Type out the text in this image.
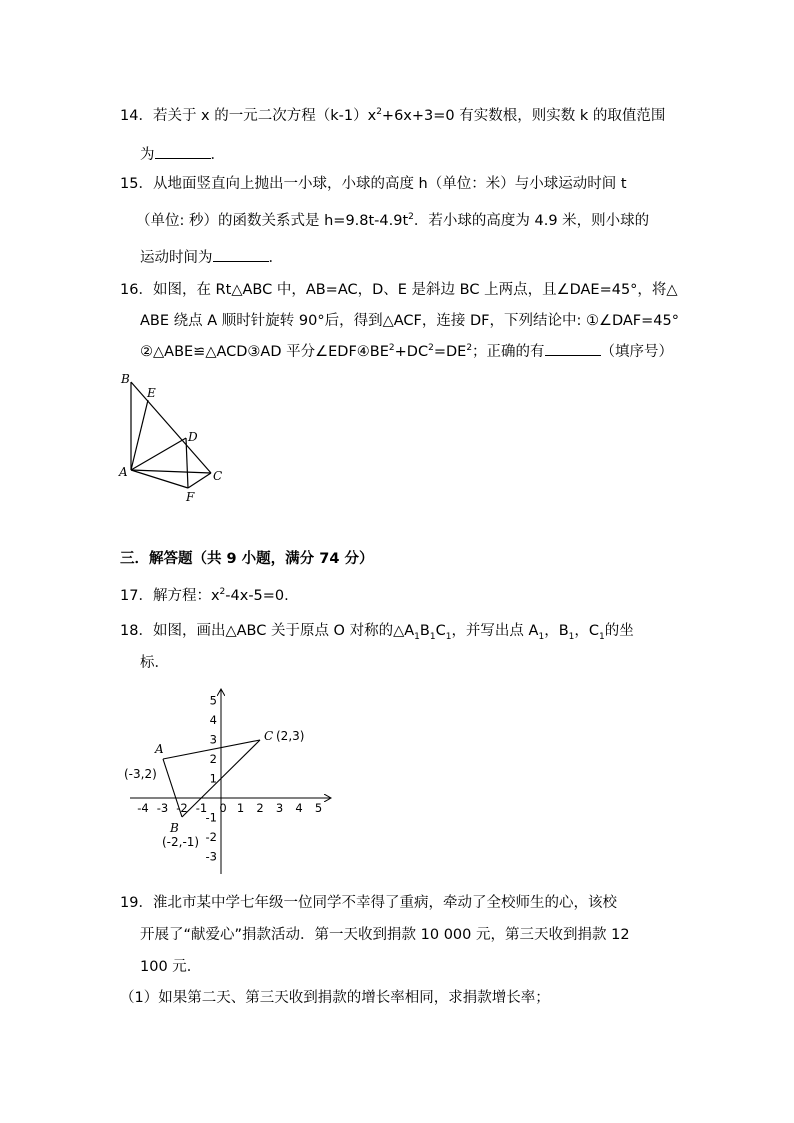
14．若关于 x 的一元二次方程$(k-1)x^2+6x+3=0$ 有实数根，则实数 k 的取值范围
为	．
15．从地面竖直向上抛出一小球，小球的高度 h（单位：米）与小球运动时间 t
（单位: 秒）的函数关系式是 $h=9.8t-4.9t^2$．若小球的高度为 4.9 米，则小球的
运动时间为	．
16．如图，在 Rt△ABC 中，AB=AC，D、E 是斜边 BC 上两点，且∠DAE=45°，将△
ABE 绕点 A 顺时针旋转 90°后，得到△ACF，连接 DF，下列结论中: ①∠DAF=45°
②△ABE≌△ACD③AD 平分$\angle EDF④BE^2+DC^2=DE^2$；正确的有	（填序号）
B
E
D
A	C
F
三．解答题（共 9 小题，满分 74 分）
17．解方程：$x^2-4x-5=0$.
18．如图，画出△ABC 关于原点 O 对称的$\triangle A_1B_1C_1$，并写出点 $A_1$，$B_1$，$C_1$的坐
标．
-4 -3 -2 -1 0 1 2 3 4 5
5
4
3
2
1
-1
-2
-3
A
(-3,2)
B
(-2,-1)
C (2,3)
19．淮北市某中学七年级一位同学不幸得了重病，牵动了全校师生的心，该校
开展了“献爱心”捐款活动．第一天收到捐款 10 000 元，第三天收到捐款 12
100 元．
（1）如果第二天、第三天收到捐款的增长率相同，求捐款增长率；
